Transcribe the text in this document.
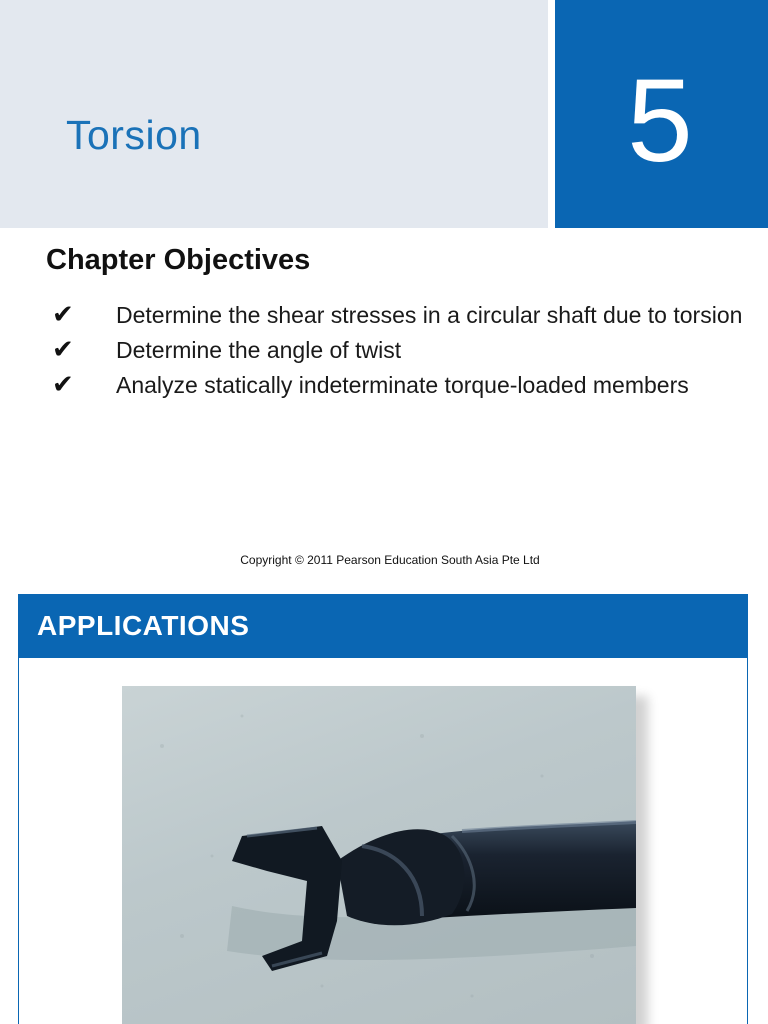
Torsion	5
Chapter Objectives
✔ Determine the shear stresses in a circular shaft due to torsion
✔ Determine the angle of twist
✔ Analyze statically indeterminate torque-loaded members
Copyright © 2011 Pearson Education South Asia Pte Ltd
APPLICATIONS
